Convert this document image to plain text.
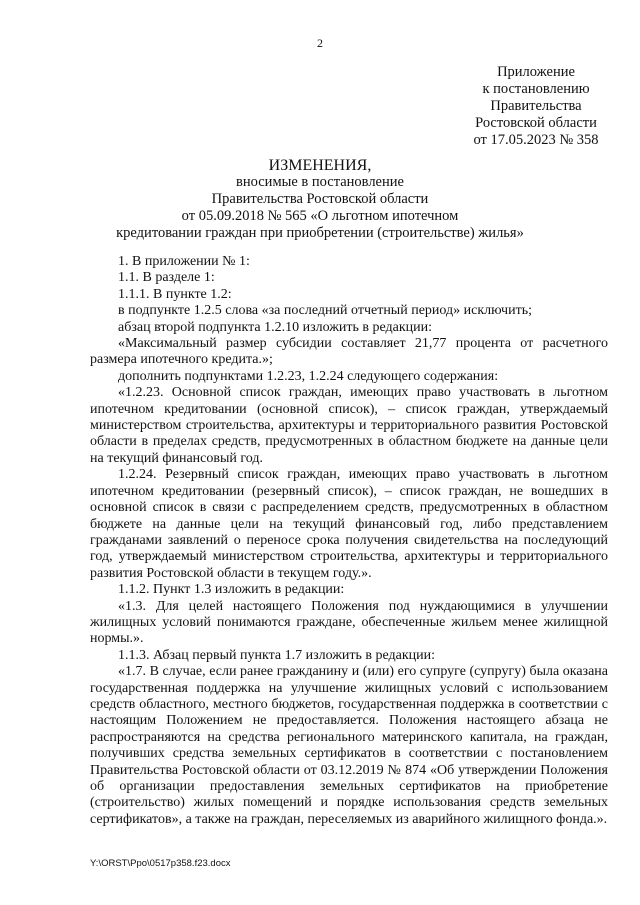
2
Приложение
к постановлению
Правительства
Ростовской области
от 17.05.2023 № 358
ИЗМЕНЕНИЯ,
вносимые в постановление
Правительства Ростовской области
от 05.09.2018 № 565 «О льготном ипотечном
кредитовании граждан при приобретении (строительстве) жилья»

1. В приложении № 1:

1.1. В разделе 1:

1.1.1. В пункте 1.2:

в подпункте 1.2.5 слова «за последний отчетный период» исключить;

абзац второй подпункта 1.2.10 изложить в редакции:

«Максимальный размер субсидии составляет 21,77 процента от расчетного размера ипотечного кредита.»;

дополнить подпунктами 1.2.23, 1.2.24 следующего содержания:

«1.2.23. Основной список граждан, имеющих право участвовать в льготном ипотечном кредитовании (основной список), – список граждан, утверждаемый министерством строительства, архитектуры и территориального развития Ростовской области в пределах средств, предусмотренных в областном бюджете на данные цели на текущий финансовый год.

1.2.24. Резервный список граждан, имеющих право участвовать в льготном ипотечном кредитовании (резервный список), – список граждан, не вошедших в основной список в связи с распределением средств, предусмотренных в областном бюджете на данные цели на текущий финансовый год, либо представлением гражданами заявлений о переносе срока получения свидетельства на последующий год, утверждаемый министерством строительства, архитектуры и территориального развития Ростовской области в текущем году.».

1.1.2. Пункт 1.3 изложить в редакции:

«1.3. Для целей настоящего Положения под нуждающимися в улучшении жилищных условий понимаются граждане, обеспеченные жильем менее жилищной нормы.».

1.1.3. Абзац первый пункта 1.7 изложить в редакции:

«1.7. В случае, если ранее гражданину и (или) его супруге (супругу) была оказана государственная поддержка на улучшение жилищных условий с использованием средств областного, местного бюджетов, государственная поддержка в соответствии с настоящим Положением не предоставляется. Положения настоящего абзаца не распространяются на средства регионального материнского капитала, на граждан, получивших средства земельных сертификатов в соответствии с постановлением Правительства Ростовской области от 03.12.2019 № 874 «Об утверждении Положения об организации предоставления земельных сертификатов на приобретение (строительство) жилых помещений и порядке использования средств земельных сертификатов», а также на граждан, переселяемых из аварийного жилищного фонда.».

Y:\ORST\Ppo\0517p358.f23.docx
